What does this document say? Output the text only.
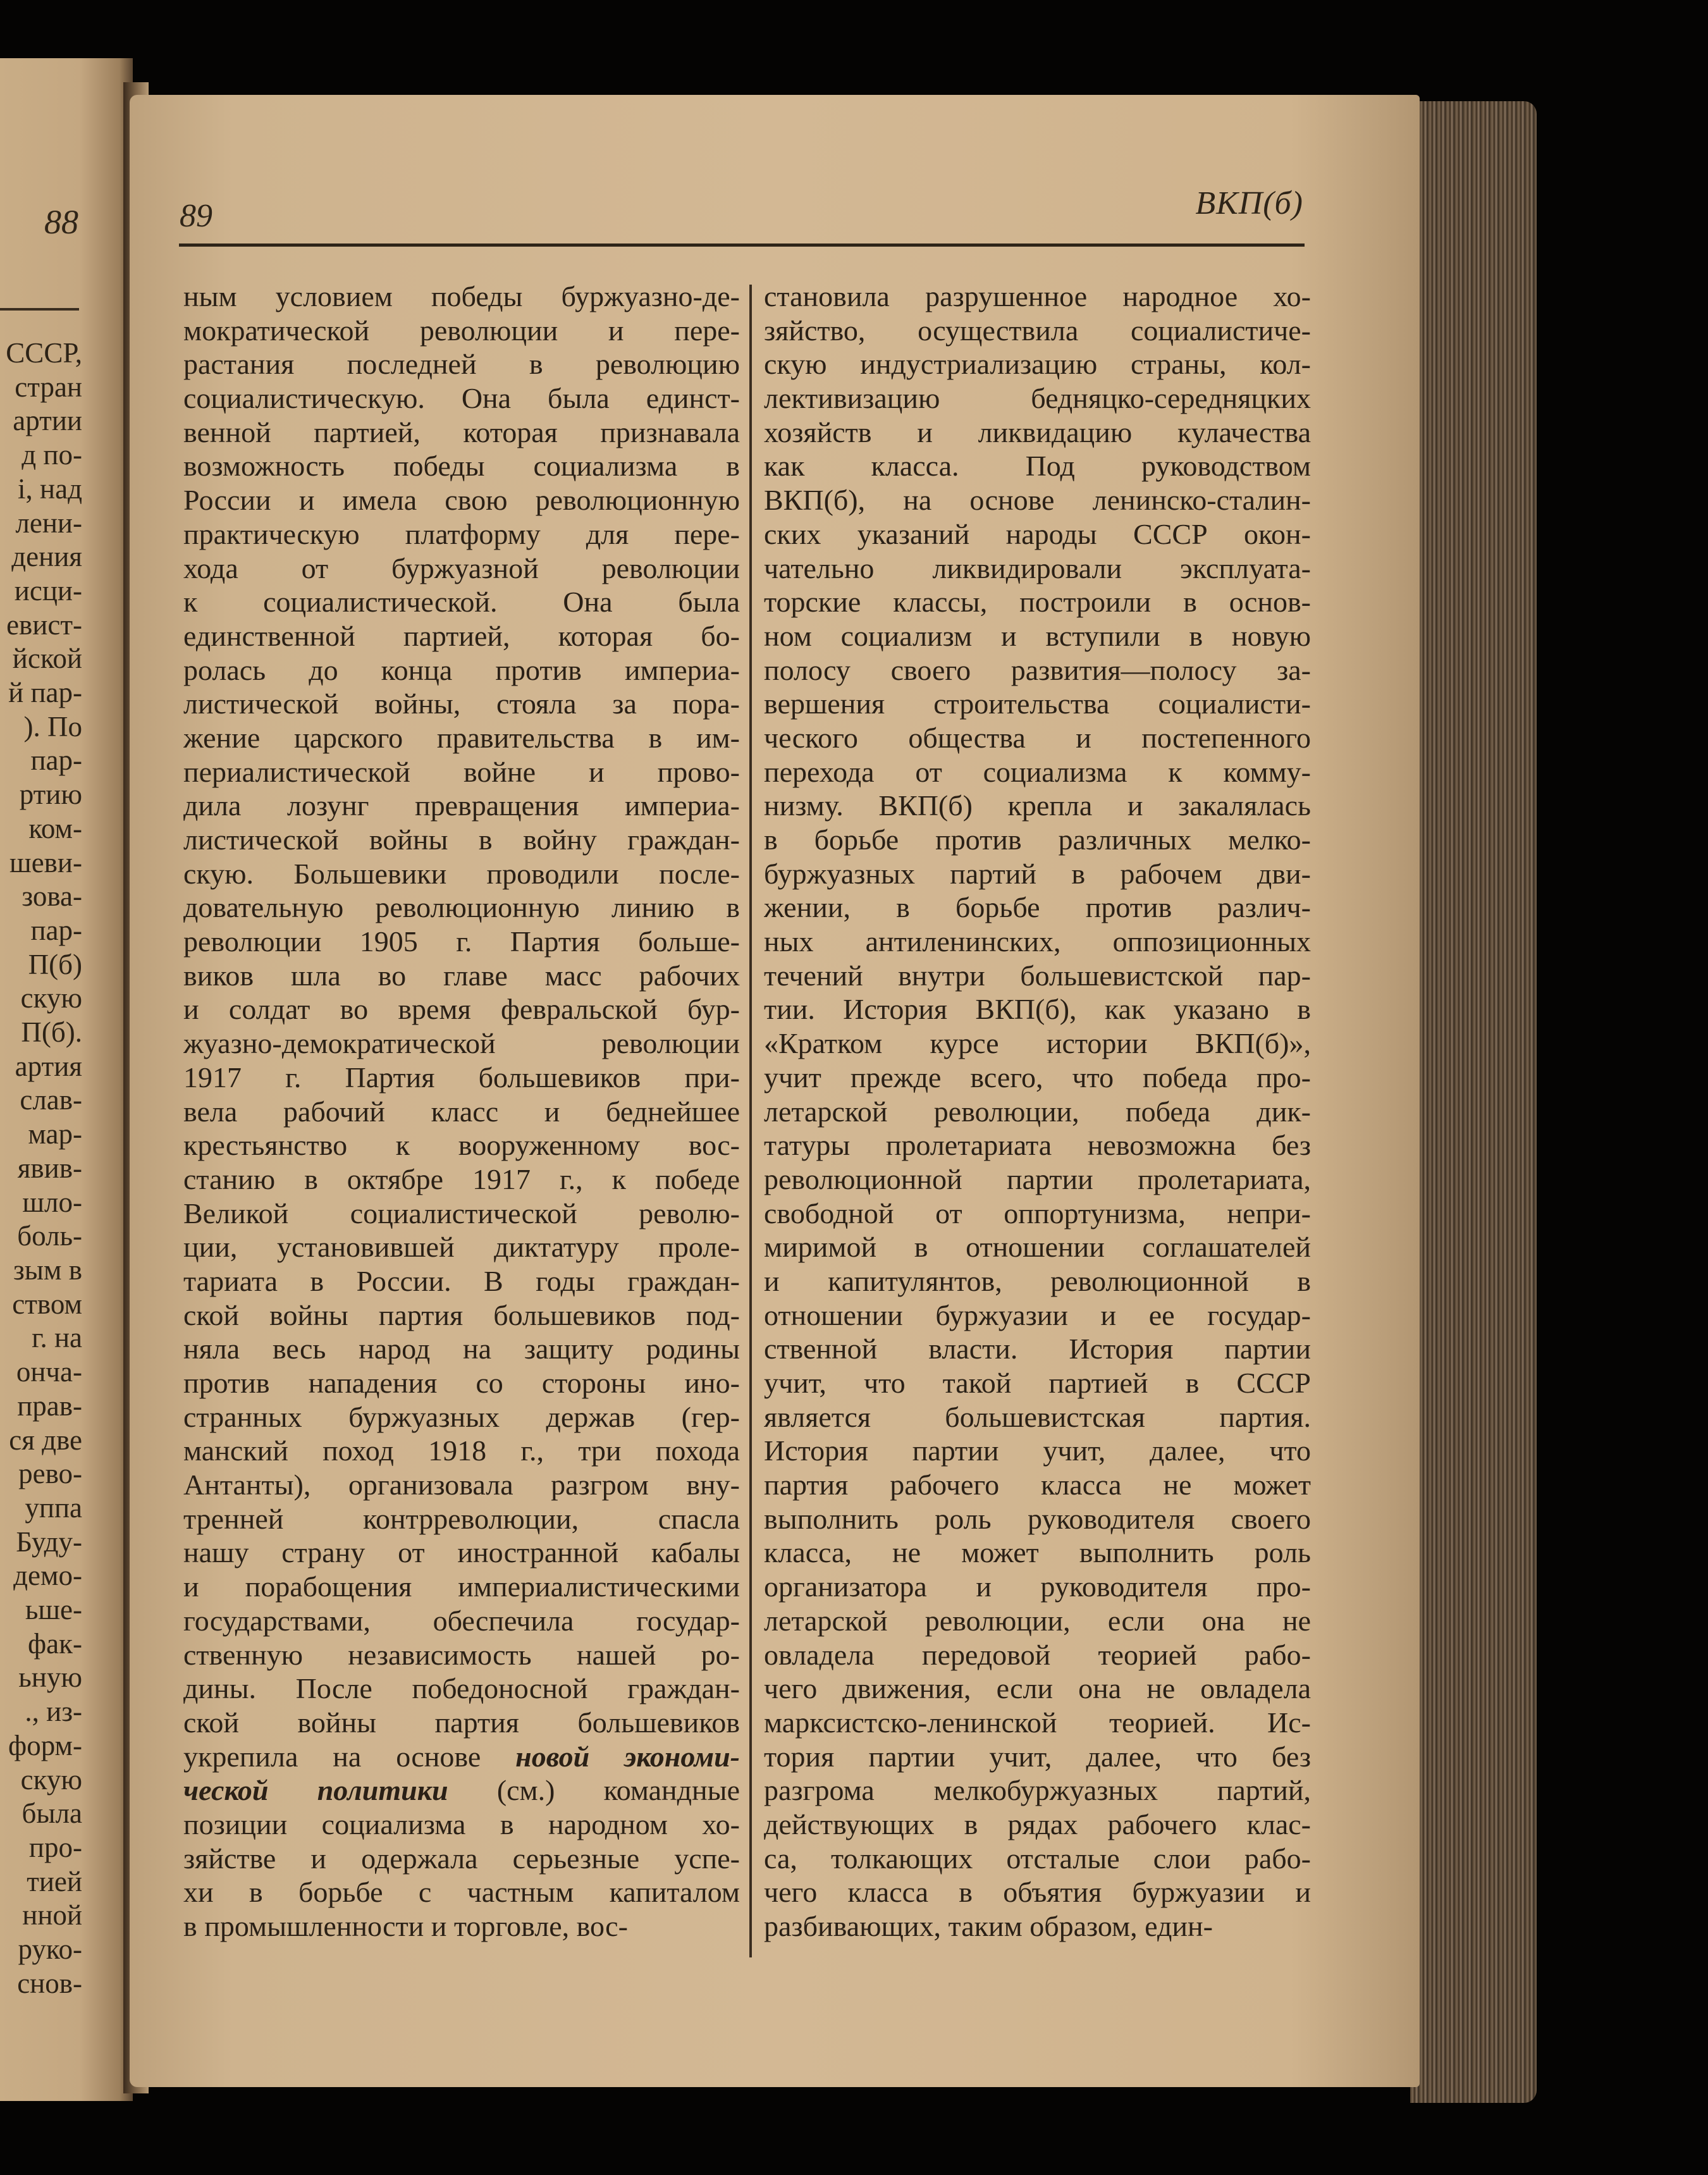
88
СССР,
стран
артии
д по-
і, над
лени-
дения
исци-
евист-
йской
й пар-
). По
пар-
ртию
ком-
шеви-
зова-
пар-
П(б)
скую
П(б).
артия
слав-
мар-
явив-
шло-
боль-
зым в
ством
г. на
онча-
прав-
ся две
рево-
уппа
Буду-
демо-
ьше-
фак-
ьную
., из-
форм-
скую
была
про-
тией
нной
руко-
снов-
89	ВКП(б)
ным условием победы буржуазно-де-
мократической революции и пере-
растания последней в революцию
социалистическую. Она была единст-
венной партией, которая признавала
возможность победы социализма в
России и имела свою революционную
практическую платформу для пере-
хода от буржуазной революции
к социалистической. Она была
единственной партией, которая бо-
ролась до конца против империа-
листической войны, стояла за пора-
жение царского правительства в им-
периалистической войне и прово-
дила лозунг превращения империа-
листической войны в войну граждан-
скую. Большевики проводили после-
довательную революционную линию в
революции 1905 г. Партия больше-
виков шла во главе масс рабочих
и солдат во время февральской бур-
жуазно-демократической революции
1917 г. Партия большевиков при-
вела рабочий класс и беднейшее
крестьянство к вооруженному вос-
станию в октябре 1917 г., к победе
Великой социалистической револю-
ции, установившей диктатуру проле-
тариата в России. В годы граждан-
ской войны партия большевиков под-
няла весь народ на защиту родины
против нападения со стороны ино-
странных буржуазных держав (гер-
манский поход 1918 г., три похода
Антанты), организовала разгром вну-
тренней контрреволюции, спасла
нашу страну от иностранной кабалы
и порабощения империалистическими
государствами, обеспечила государ-
ственную независимость нашей ро-
дины. После победоносной граждан-
ской войны партия большевиков
укрепила на основе новой экономи-
ческой политики (см.) командные
позиции социализма в народном хо-
зяйстве и одержала серьезные успе-
хи в борьбе с частным капиталом
в промышленности и торговле, вос-
становила разрушенное народное хо-
зяйство, осуществила социалистиче-
скую индустриализацию страны, кол-
лективизацию бедняцко-середняцких
хозяйств и ликвидацию кулачества
как класса. Под руководством
ВКП(б), на основе ленинско-сталин-
ских указаний народы СССР окон-
чательно ликвидировали эксплуата-
торские классы, построили в основ-
ном социализм и вступили в новую
полосу своего развития—полосу за-
вершения строительства социалисти-
ческого общества и постепенного
перехода от социализма к комму-
низму. ВКП(б) крепла и закалялась
в борьбе против различных мелко-
буржуазных партий в рабочем дви-
жении, в борьбе против различ-
ных антиленинских, оппозиционных
течений внутри большевистской пар-
тии. История ВКП(б), как указано в
«Кратком курсе истории ВКП(б)»,
учит прежде всего, что победа про-
летарской революции, победа дик-
татуры пролетариата невозможна без
революционной партии пролетариата,
свободной от оппортунизма, непри-
миримой в отношении соглашателей
и капитулянтов, революционной в
отношении буржуазии и ее государ-
ственной власти. История партии
учит, что такой партией в СССР
является большевистская партия.
История партии учит, далее, что
партия рабочего класса не может
выполнить роль руководителя своего
класса, не может выполнить роль
организатора и руководителя про-
летарской революции, если она не
овладела передовой теорией рабо-
чего движения, если она не овладела
марксистско-ленинской теорией. Ис-
тория партии учит, далее, что без
разгрома мелкобуржуазных партий,
действующих в рядах рабочего клас-
са, толкающих отсталые слои рабо-
чего класса в объятия буржуазии и
разбивающих, таким образом, един-
